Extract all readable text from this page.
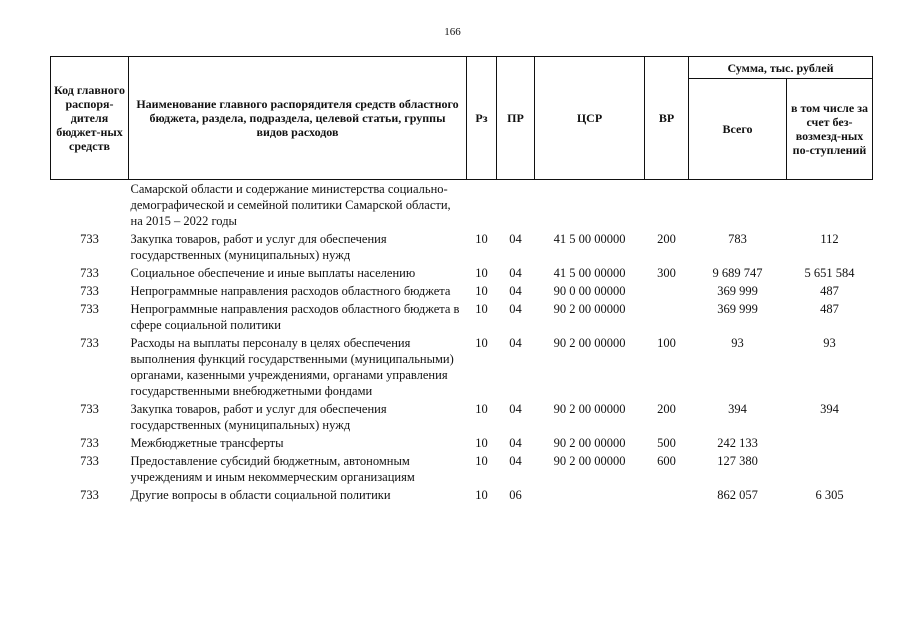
166
Код главного распоря-дителя бюджет-ных средств	Наименование главного распорядителя средств областного бюджета, раздела, подраздела, целевой статьи, группы видов расходов	Рз	ПР	ЦСР	ВР	Сумма, тыс. рублей	
						Всего	в том числе за счет без-возмезд-ных по-ступлений
	Самарской области и содержание министерства социально-демографической и семейной политики Самарской области, на 2015 – 2022 годы						
733	Закупка товаров, работ и услуг для обеспечения государственных (муниципальных) нужд	10	04	41 5 00 00000	200	783	112
733	Социальное обеспечение и иные выплаты населению	10	04	41 5 00 00000	300	9 689 747	5 651 584
733	Непрограммные направления расходов областного бюджета	10	04	90 0 00 00000		369 999	487
733	Непрограммные направления расходов областного бюджета в сфере социальной политики	10	04	90 2 00 00000		369 999	487
733	Расходы на выплаты персоналу в целях обеспечения выполнения функций государственными (муниципальными) органами, казенными учреждениями, органами управления государственными внебюджетными фондами	10	04	90 2 00 00000	100	93	93
733	Закупка товаров, работ и услуг для обеспечения государственных (муниципальных) нужд	10	04	90 2 00 00000	200	394	394
733	Межбюджетные трансферты	10	04	90 2 00 00000	500	242 133	
733	Предоставление субсидий бюджетным, автономным учреждениям и иным некоммерческим организациям	10	04	90 2 00 00000	600	127 380	
733	Другие вопросы в области социальной политики	10	06			862 057	6 305
